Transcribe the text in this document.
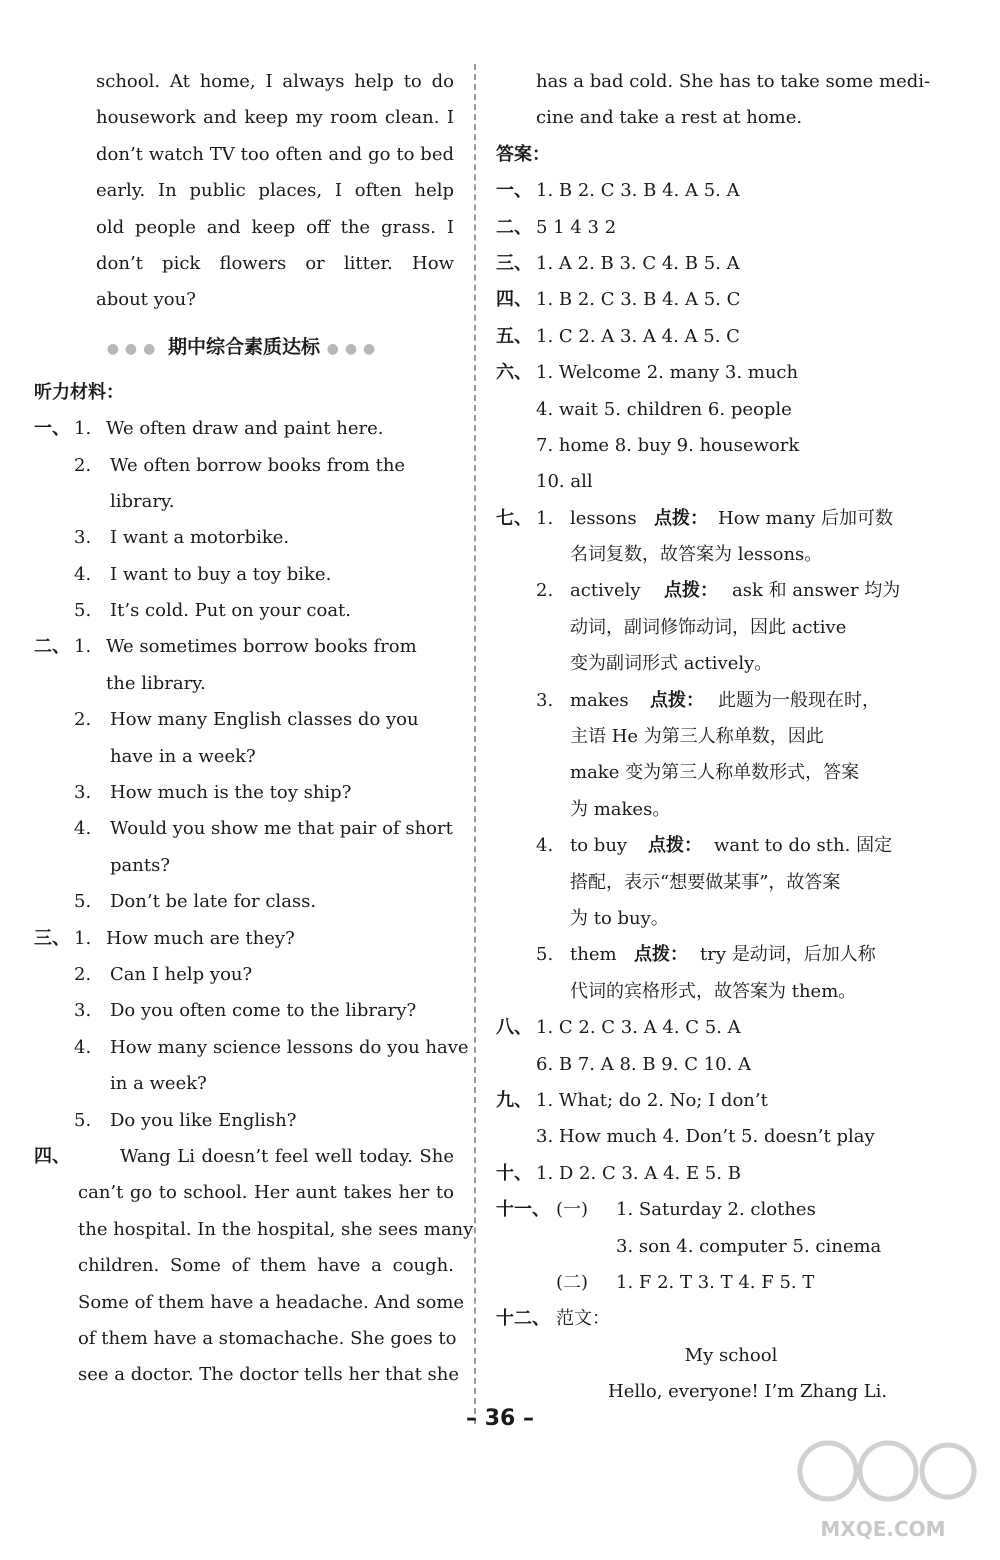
school. At home, I always help to do
housework and keep my room clean. I
don’t watch TV too often and go to bed
early. In public places, I often help
old people and keep off the grass. I
don’t pick flowers or litter. How
about you?
●●● 期中综合素质达标 ●●●
听力材料：
一、 1. We often draw and paint here.
2. We often borrow books from the
library.
3. I want a motorbike.
4. I want to buy a toy bike.
5. It’s cold. Put on your coat.
二、 1. We sometimes borrow books from
the library.
2. How many English classes do you
have in a week?
3. How much is the toy ship?
4. Would you show me that pair of short
pants?
5. Don’t be late for class.
三、 1. How much are they?
2. Can I help you?
3. Do you often come to the library?
4. How many science lessons do you have
in a week?
5. Do you like English?
四、	Wang Li doesn’t feel well today. She
can’t go to school. Her aunt takes her to
the hospital. In the hospital, she sees many
children. Some of them have a cough.
Some of them have a headache. And some
of them have a stomachache. She goes to
see a doctor. The doctor tells her that she
has a bad cold. She has to take some medi-
cine and take a rest at home.
答案：
一、 1. B 2. C 3. B 4. A 5. A
二、 5 1 4 3 2
三、 1. A 2. B 3. C 4. B 5. A
四、 1. B 2. C 3. B 4. A 5. C
五、 1. C 2. A 3. A 4. A 5. C
六、 1. Welcome 2. many 3. much
4. wait 5. children 6. people
7. home 8. buy 9. housework
10. all
七、 1. lessons 点拨： How many 后加可数
名词复数，故答案为 lessons。
2. actively 点拨： ask 和 answer 均为
动词，副词修饰动词，因此 active
变为副词形式 actively。
3. makes 点拨： 此题为一般现在时，
主语 He 为第三人称单数，因此
make 变为第三人称单数形式，答案
为 makes。
4. to buy 点拨： want to do sth. 固定
搭配，表示“想要做某事”，故答案
为 to buy。
5. them 点拨： try 是动词，后加人称
代词的宾格形式，故答案为 them。
八、 1. C 2. C 3. A 4. C 5. A
6. B 7. A 8. B 9. C 10. A
九、 1. What; do 2. No; I don’t
3. How much 4. Don’t 5. doesn’t play
十、 1. D 2. C 3. A 4. E 5. B
十一、 (一) 1. Saturday 2. clothes
3. son 4. computer 5. cinema
(二) 1. F 2. T 3. T 4. F 5. T
十二、 范文：
My school
Hello, everyone! I’m Zhang Li.
– 36 –
MXQE.COM
